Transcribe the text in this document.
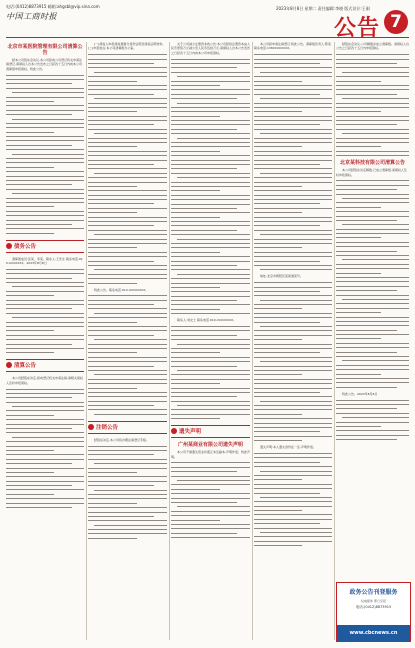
电话:(0412)8873915 邮箱:ahgsbl@vip.sina.com
中国工商时报
2023年8月8日 星期二 责任编辑:李晓 版式设计:王刚
公告 7
北京市某医院管理有限公司清算公告

经本公司股东会决议,本公司拟向公司登记机关申请注销登记,请债权人自本公告发布之日起四十五日内向本公司清算组申报债权。特此公告。

债务公告

清算组成员:张某、李某。联系人:王先生 联系电话:010-XXXXXXX。2023年8月8日

清算公告

本公司经股东决定,拟向登记机关申请注销,请相关债权人及时申报债权。

(一)债权人申报债权须提交身份证明及债权证明材料。(二)申报地点:本公司清算组办公室。

特此公告。联系电话:010-XXXXXXXX。

注销公告

经股东决定,本公司将办理注销登记手续。

关于公司减少注册资本的公告:本公司拟将注册资本由人民币壹佰万元减少至人民币伍拾万元,请债权人自本公告发布之日起四十五日内向本公司申报债权。

联系人:刘女士 联系电话:010-XXXXXXXX。

遗失声明
广州某商业有限公司遗失声明

本公司不慎遗失营业执照正本及副本,声明作废。特此声明。

本公司拟申请注销登记,特此公告。清算组负责人:陈某 联系电话:138XXXXXXXX。

地址:北京市朝阳区某街道某号。

遗失声明:本人遗失身份证一张,声明作废。

经股东会决议,公司解散并成立清算组。请债权人自公告之日起四十五日内申报债权。

北京某科技有限公司清算公告

本公司经股东决定解散,已成立清算组,请债权人及时申报债权。

特此公告。2023年8月8日

政务公告刊登服务
权威媒体 即日见报
电话:(0412)8873915
www.cbcnews.cn
